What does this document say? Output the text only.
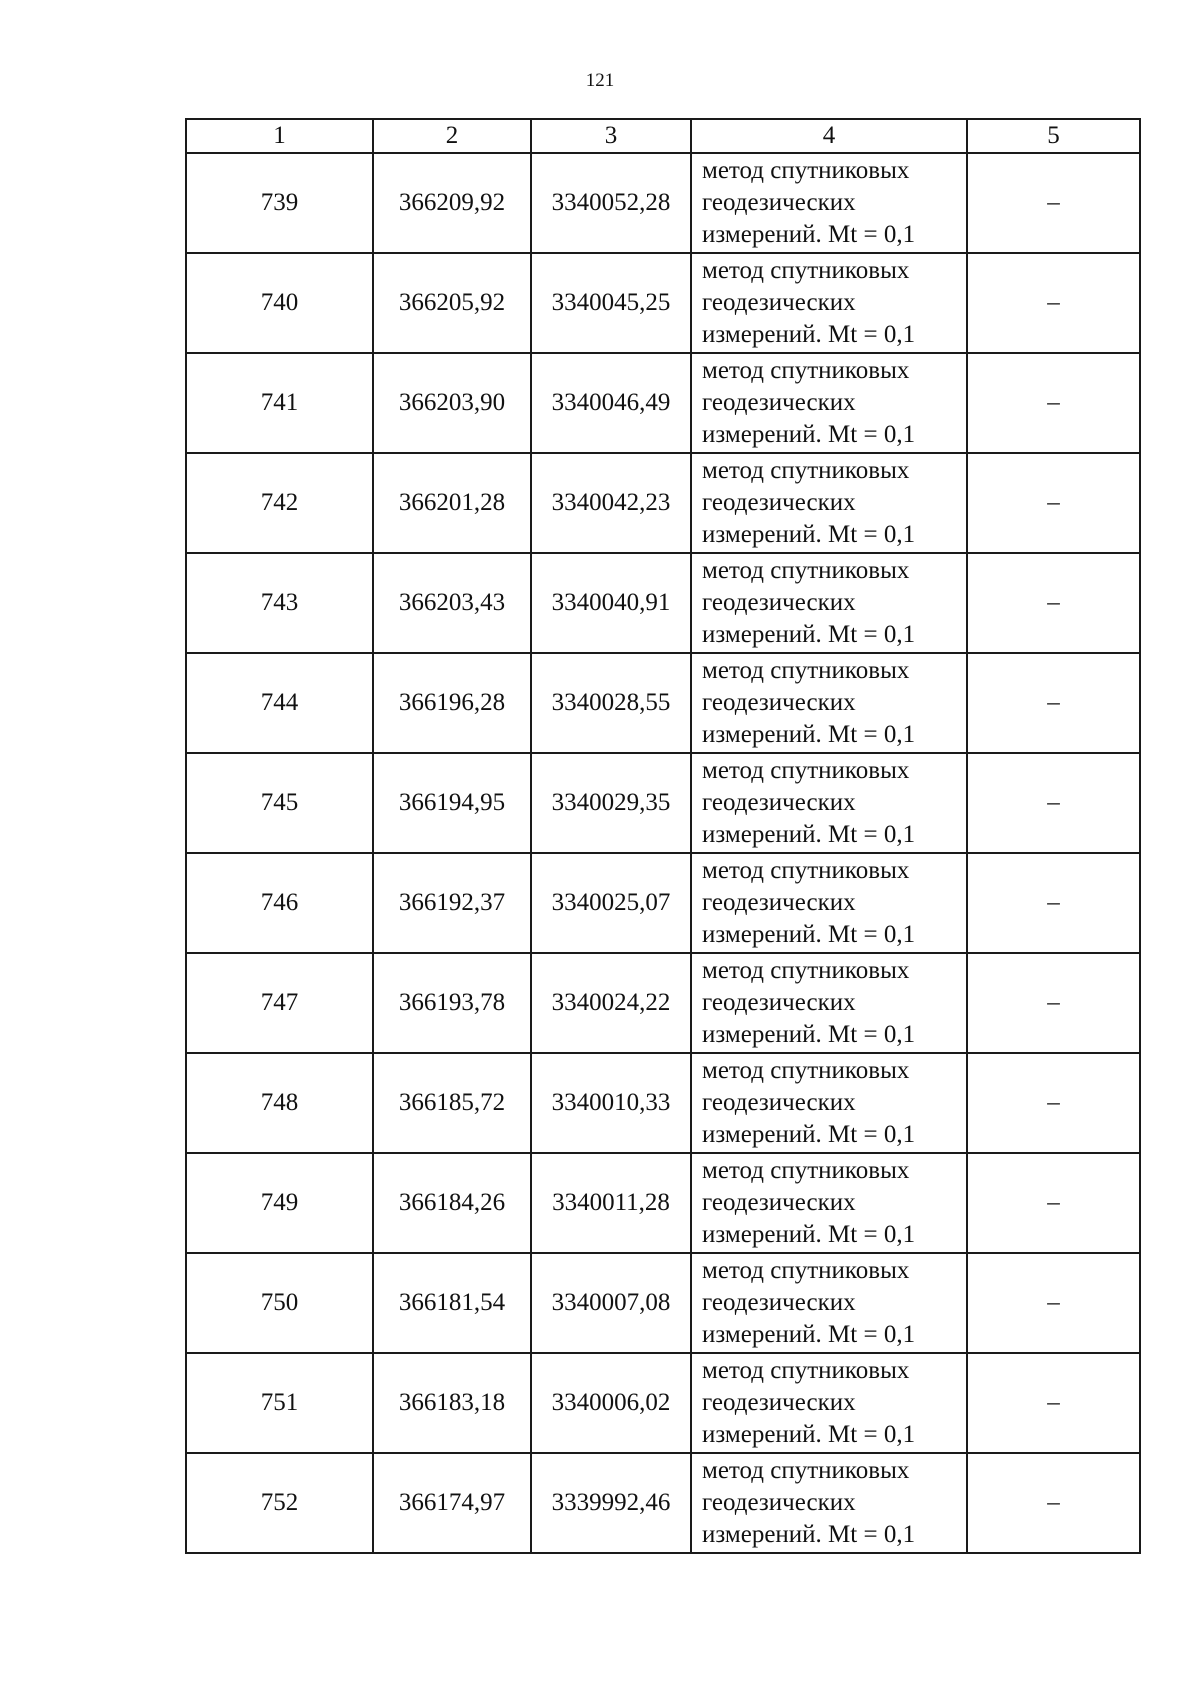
121
1	2	3	4	5
739	366209,92	3340052,28	метод спутниковых
геодезических
измерений. Mt = 0,1	–
740	366205,92	3340045,25	метод спутниковых
геодезических
измерений. Mt = 0,1	–
741	366203,90	3340046,49	метод спутниковых
геодезических
измерений. Mt = 0,1	–
742	366201,28	3340042,23	метод спутниковых
геодезических
измерений. Mt = 0,1	–
743	366203,43	3340040,91	метод спутниковых
геодезических
измерений. Mt = 0,1	–
744	366196,28	3340028,55	метод спутниковых
геодезических
измерений. Mt = 0,1	–
745	366194,95	3340029,35	метод спутниковых
геодезических
измерений. Mt = 0,1	–
746	366192,37	3340025,07	метод спутниковых
геодезических
измерений. Mt = 0,1	–
747	366193,78	3340024,22	метод спутниковых
геодезических
измерений. Mt = 0,1	–
748	366185,72	3340010,33	метод спутниковых
геодезических
измерений. Mt = 0,1	–
749	366184,26	3340011,28	метод спутниковых
геодезических
измерений. Mt = 0,1	–
750	366181,54	3340007,08	метод спутниковых
геодезических
измерений. Mt = 0,1	–
751	366183,18	3340006,02	метод спутниковых
геодезических
измерений. Mt = 0,1	–
752	366174,97	3339992,46	метод спутниковых
геодезических
измерений. Mt = 0,1	–
